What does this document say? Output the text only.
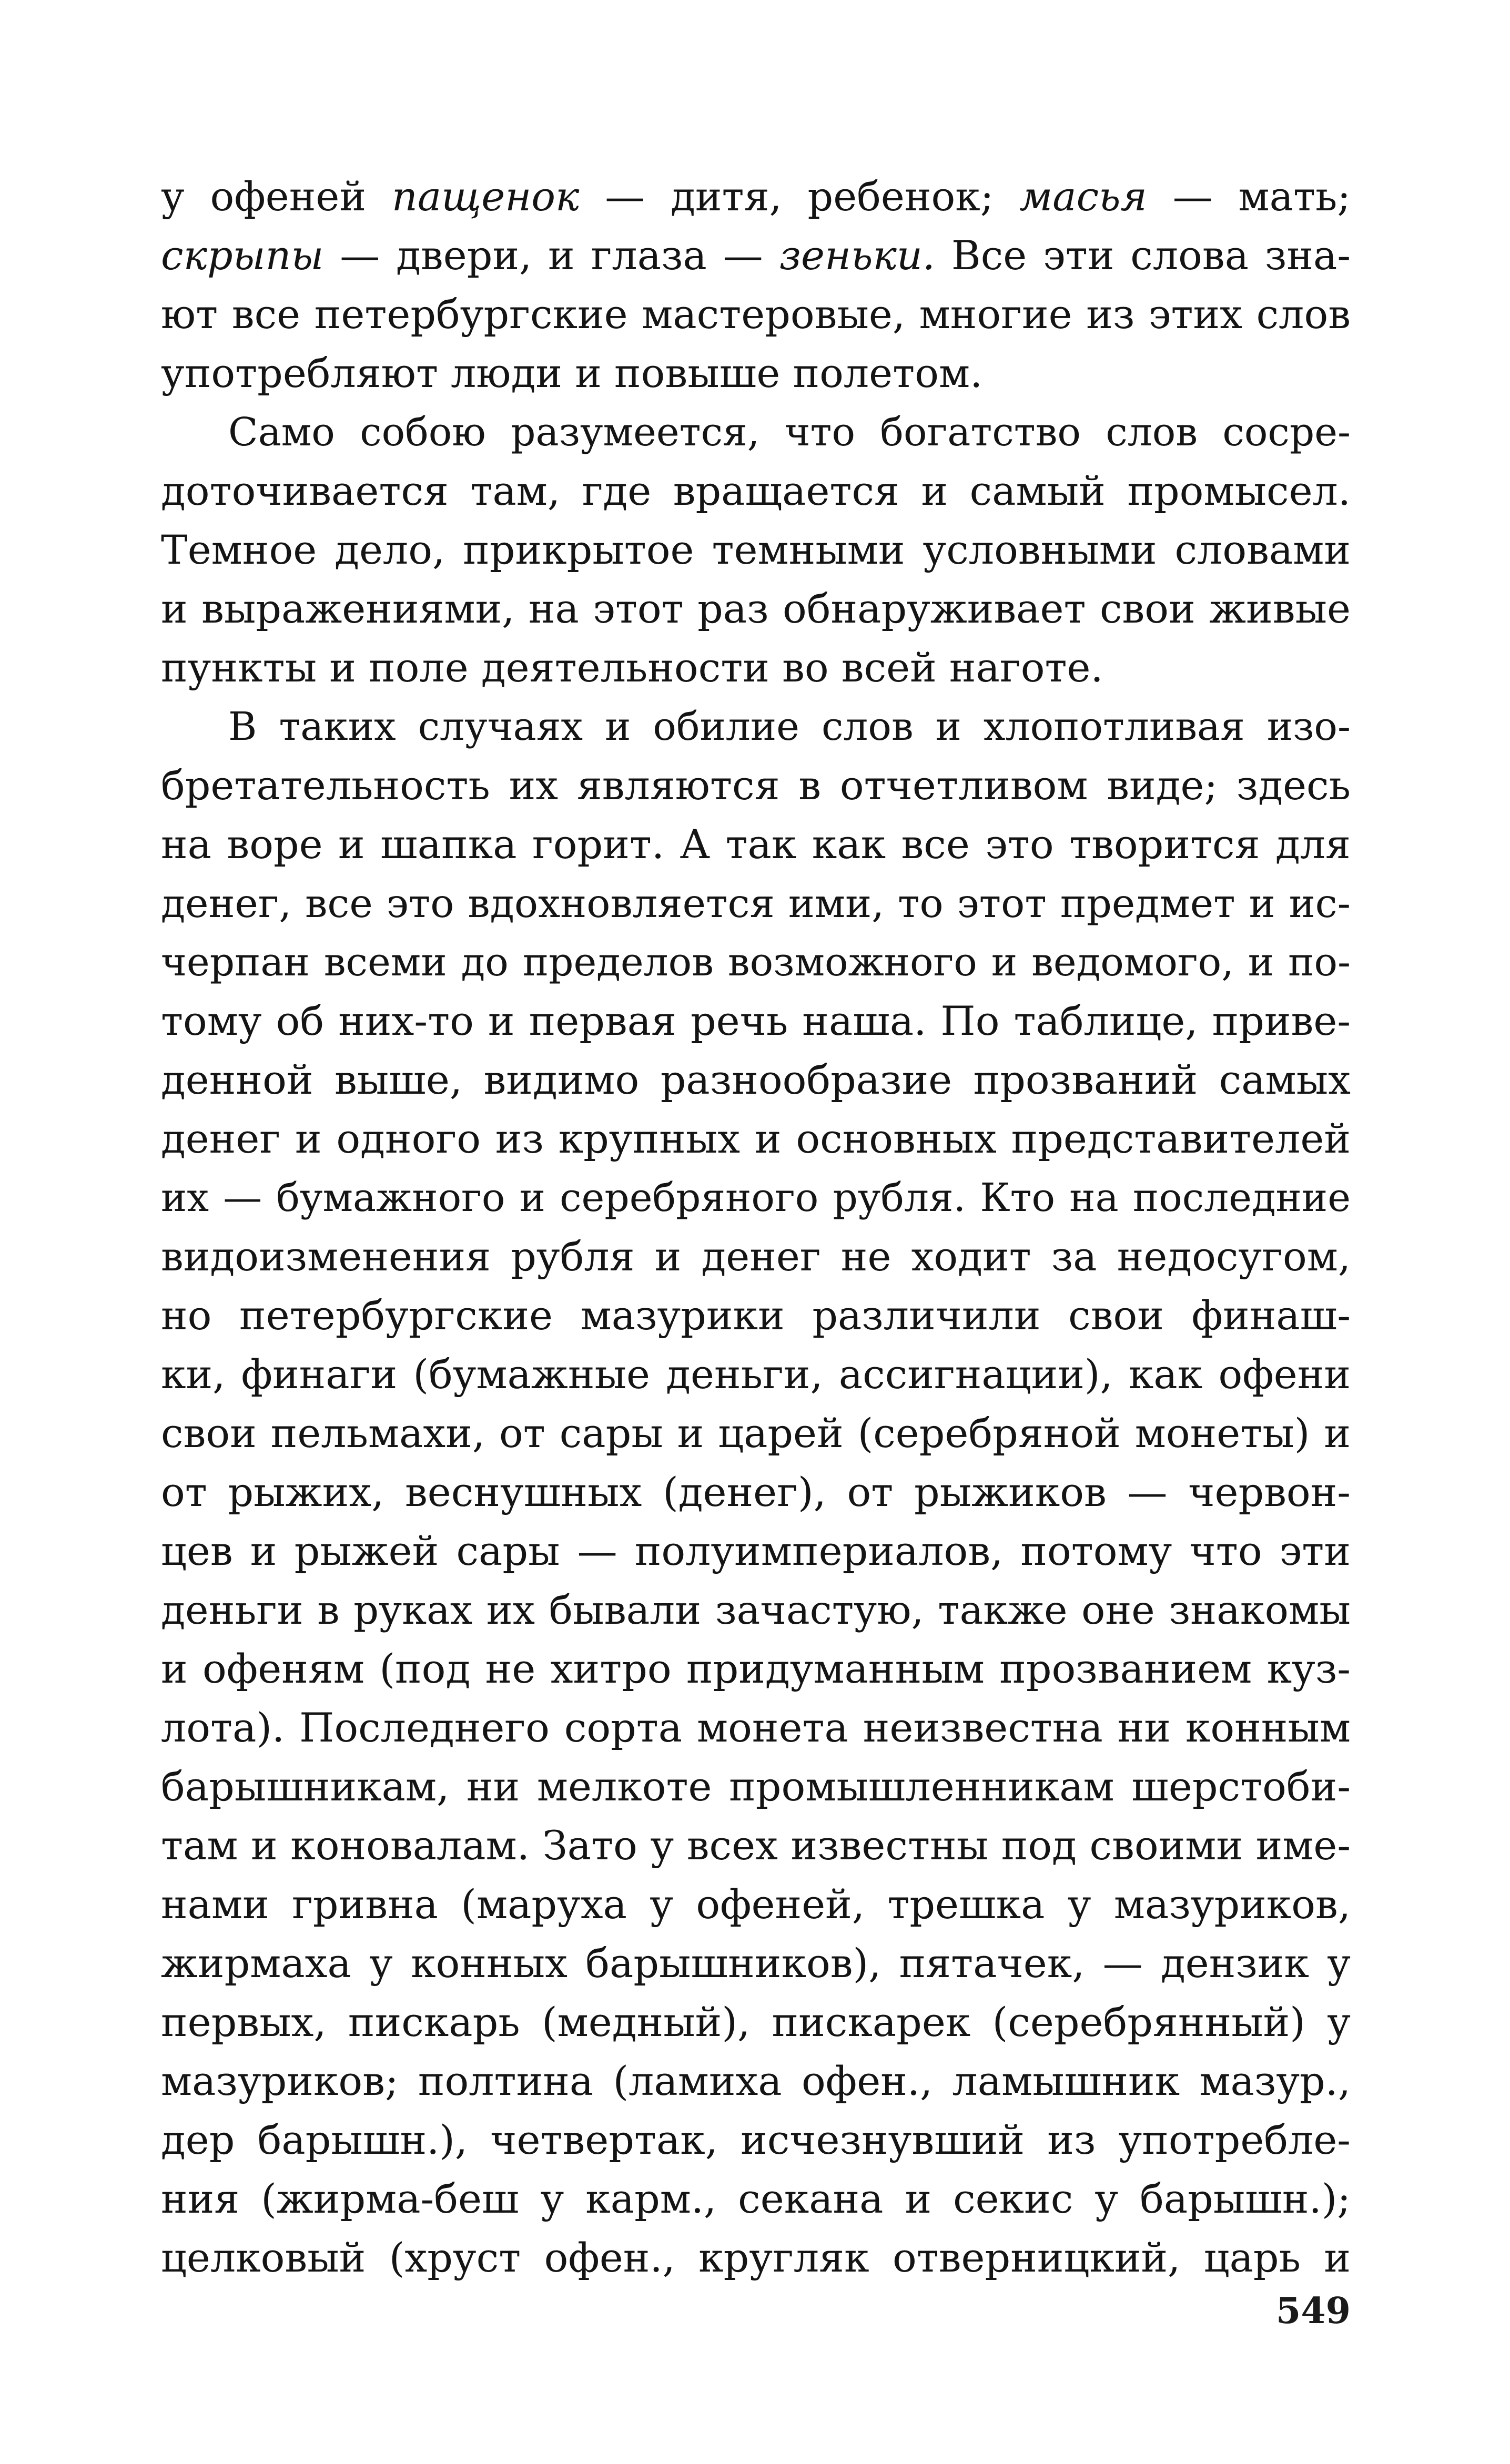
у офеней пащенок — дитя, ребенок; масья — мать;
скрыпы — двери, и глаза — зеньки. Все эти слова зна-
ют все петербургские мастеровые, многие из этих слов
употребляют люди и повыше полетом.
Само собою разумеется, что богатство слов сосре-
доточивается там, где вращается и самый промысел.
Темное дело, прикрытое темными условными словами
и выражениями, на этот раз обнаруживает свои живые
пункты и поле деятельности во всей наготе.
В таких случаях и обилие слов и хлопотливая изо-
бретательность их являются в отчетливом виде; здесь
на воре и шапка горит. А так как все это творится для
денег, все это вдохновляется ими, то этот предмет и ис-
черпан всеми до пределов возможного и ведомого, и по-
тому об них-то и первая речь наша. По таблице, приве-
денной выше, видимо разнообразие прозваний самых
денег и одного из крупных и основных представителей
их — бумажного и серебряного рубля. Кто на последние
видоизменения рубля и денег не ходит за недосугом,
но петербургские мазурики различили свои финаш-
ки, финаги (бумажные деньги, ассигнации), как офени
свои пельмахи, от сары и царей (серебряной монеты) и
от рыжих, веснушных (денег), от рыжиков — червон-
цев и рыжей сары — полуимпериалов, потому что эти
деньги в руках их бывали зачастую, также оне знакомы
и офеням (под не хитро придуманным прозванием куз-
лота). Последнего сорта монета неизвестна ни конным
барышникам, ни мелкоте промышленникам шерстоби-
там и коновалам. Зато у всех известны под своими име-
нами гривна (маруха у офеней, трешка у мазуриков,
жирмаха у конных барышников), пятачек, — дензик у
первых, пискарь (медный), пискарек (серебрянный) у
мазуриков; полтина (ламиха офен., ламышник мазур.,
дер барышн.), четвертак, исчезнувший из употребле-
ния (жирма-беш у карм., секана и секис у барышн.);
целковый (хруст офен., кругляк отверницкий, царь и
549
